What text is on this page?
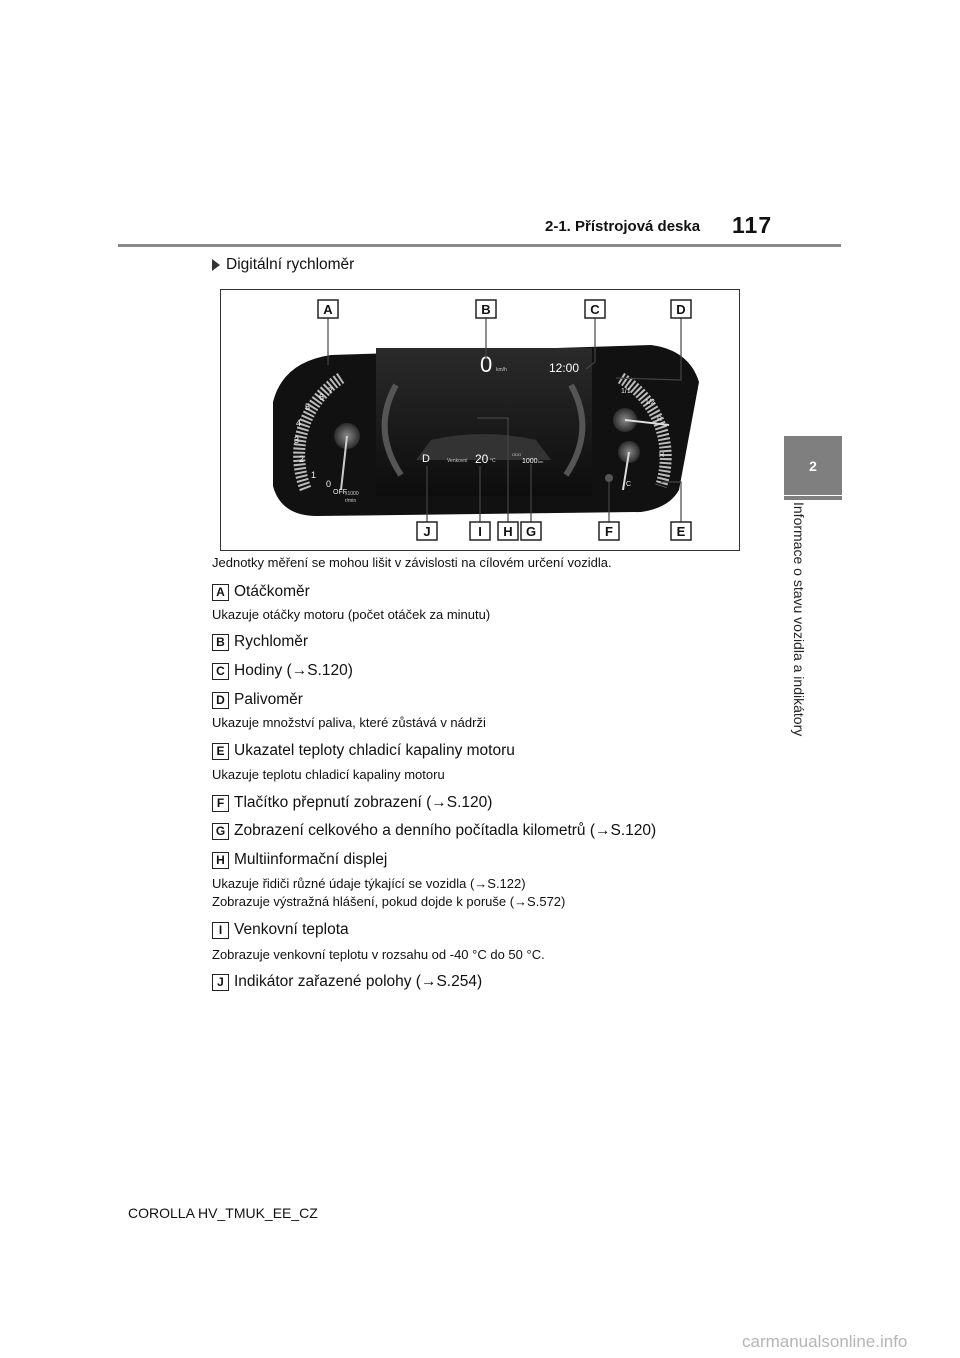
2-1. Přístrojová deska 117
2
Informace o stavu vozidla a indikátory
Digitální rychloměr
7
6
5
4
3
2
1
0
OFF
x1000
r/min
1/1
1/2
R
H
C
0 km/h	12:00
D	Venkovní 20 °C
ODO
1000 km
A	B	C	D
E
F
G
H
I
J
Jednotky měření se mohou lišit v závislosti na cílovém určení vozidla.
A Otáčkoměr
Ukazuje otáčky motoru (počet otáček za minutu)
B Rychloměr
C Hodiny (→S.120)
D Palivoměr
Ukazuje množství paliva, které zůstává v nádrži
E Ukazatel teploty chladicí kapaliny motoru
Ukazuje teplotu chladicí kapaliny motoru
F Tlačítko přepnutí zobrazení (→S.120)
G Zobrazení celkového a denního počítadla kilometrů (→S.120)
H Multiinformační displej
Ukazuje řidiči různé údaje týkající se vozidla (→S.122)
Zobrazuje výstražná hlášení, pokud dojde k poruše (→S.572)
I Venkovní teplota
Zobrazuje venkovní teplotu v rozsahu od -40 °C do 50 °C.
J Indikátor zařazené polohy (→S.254)
COROLLA HV_TMUK_EE_CZ
carmanualsonline.info
